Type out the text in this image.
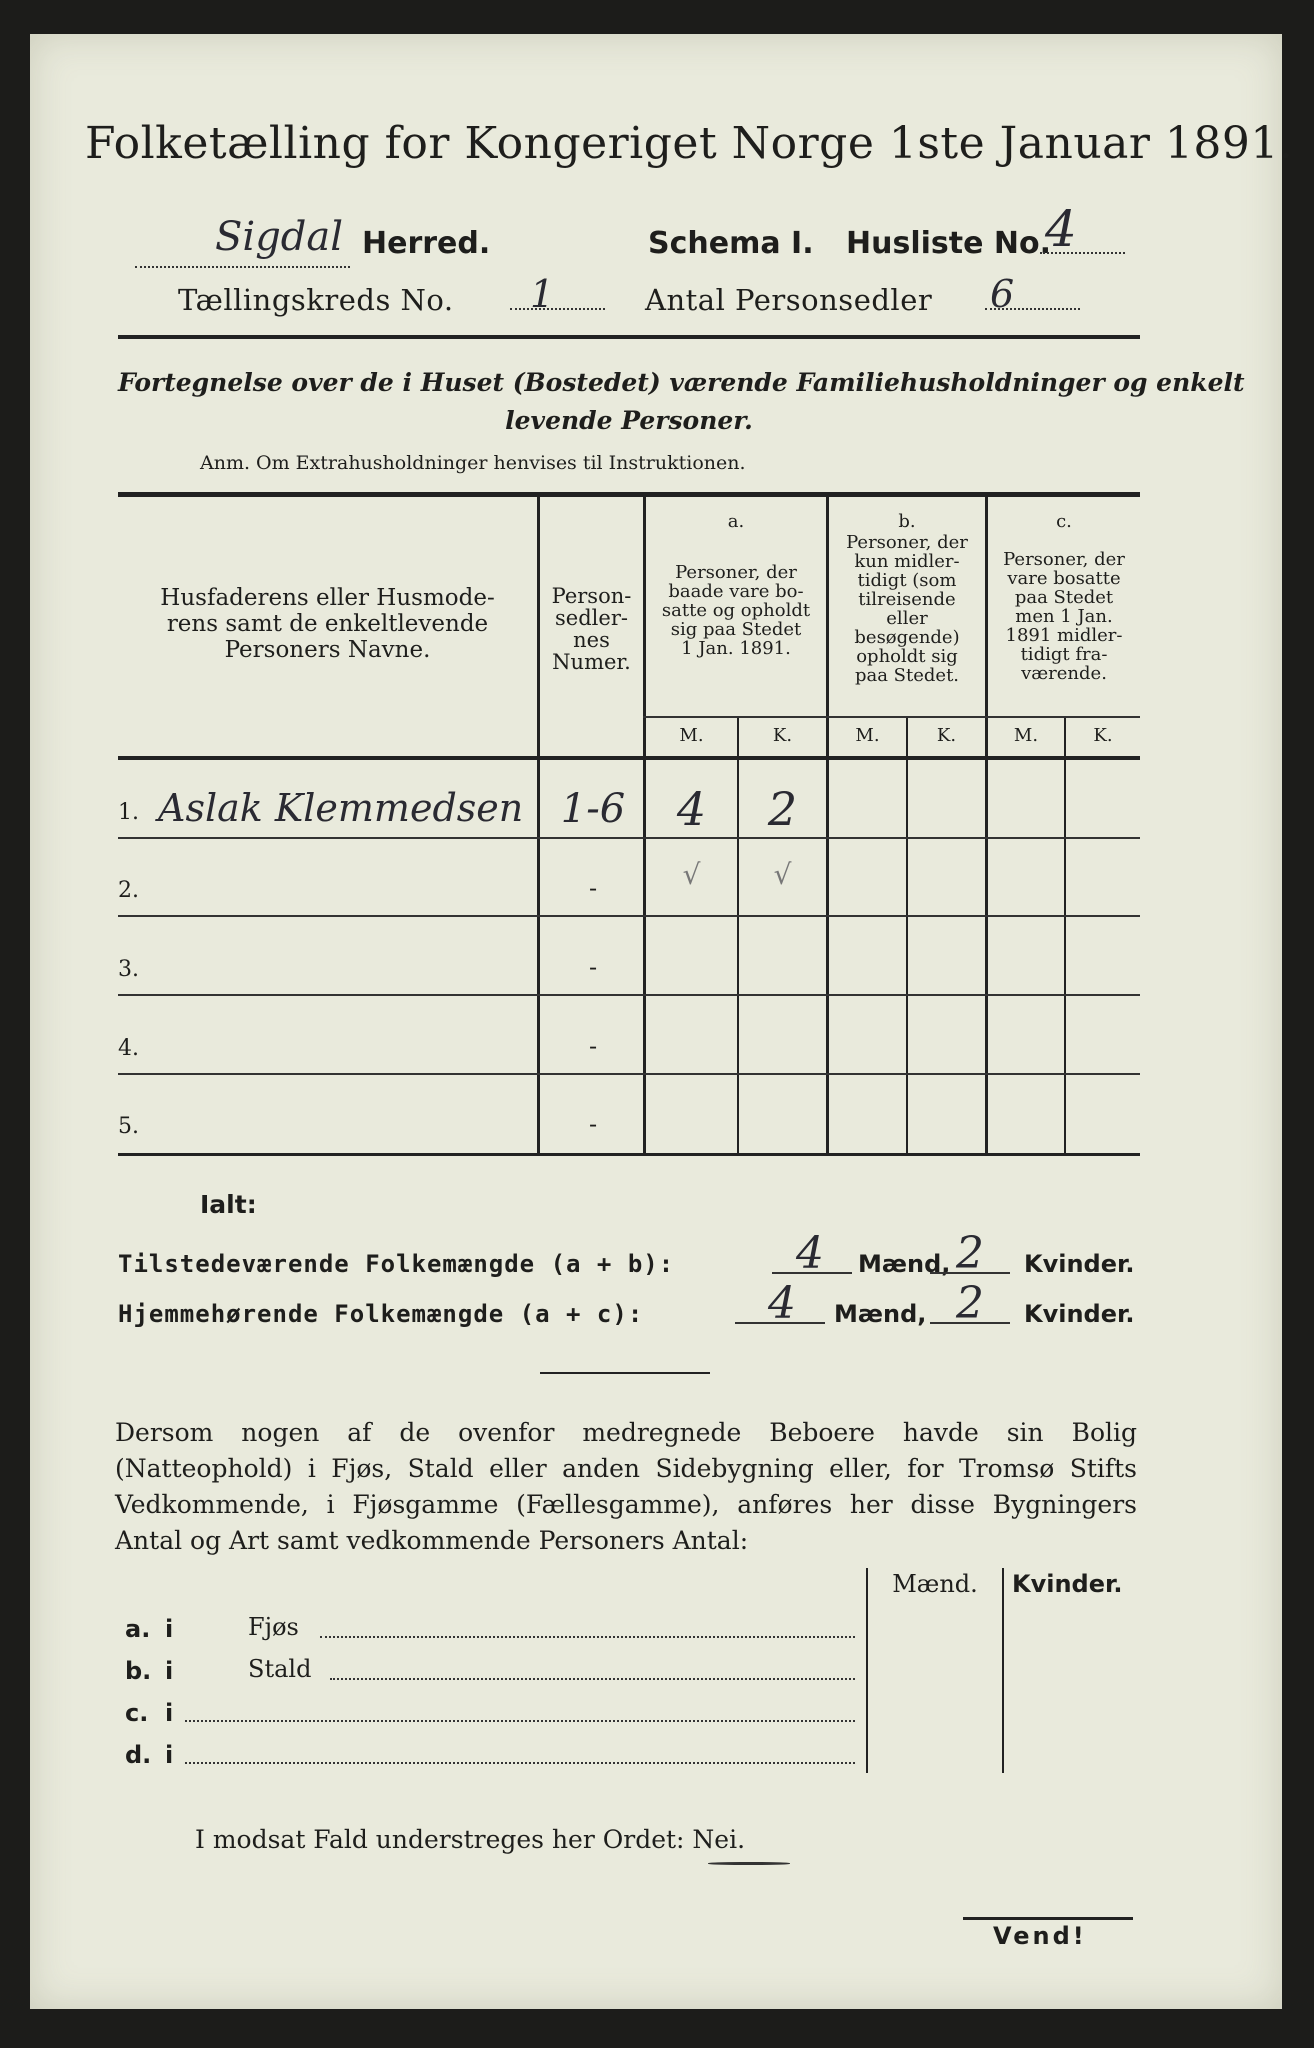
Folketælling for Kongeriget Norge 1ste Januar 1891.
Sigdal Herred.	Schema I. Husliste No.
4
Tællingskreds No. 1	Antal Personsedler 6
Fortegnelse over de i Huset (Bostedet) værende Familiehusholdninger og enkelt
levende Personer.
Anm. Om Extrahusholdninger henvises til Instruktionen.
Husfaderens eller Husmode-
rens samt de enkeltlevende
Personers Navne.
Person-
sedler-
nes
Numer.
a.
Personer, der
baade vare bo-
satte og opholdt
sig paa Stedet
1 Jan. 1891.
b.
Personer, der
kun midler-
tidigt (som
tilreisende
eller
besøgende)
opholdt sig
paa Stedet.
c.
Personer, der
vare bosatte
paa Stedet
men 1 Jan.
1891 midler-
tidigt fra-
værende.
M.	K.	M.	K.	M.	K.
1. Aslak Klemmedsen 1-6	4	2
2.	-	√	√
3.	-
4.	-
5.	-
Ialt:
Tilstedeværende Folkemængde (a + b):	4	Mænd, 2	Kvinder.
Hjemmehørende Folkemængde (a + c):	4	Mænd, 2	Kvinder.
Dersom nogen af de ovenfor medregnede Beboere havde sin Bolig (Natteophold) i Fjøs, Stald eller anden Sidebygning eller, for Tromsø Stifts Vedkommende, i Fjøsgamme (Fællesgamme), anføres her disse Bygningers Antal og Art samt vedkommende Personers Antal:
Mænd.	Kvinder.
a. i	Fjøs
b. i	Stald
c. i
d. i
I modsat Fald understreges her Ordet: Nei.
Vend!
